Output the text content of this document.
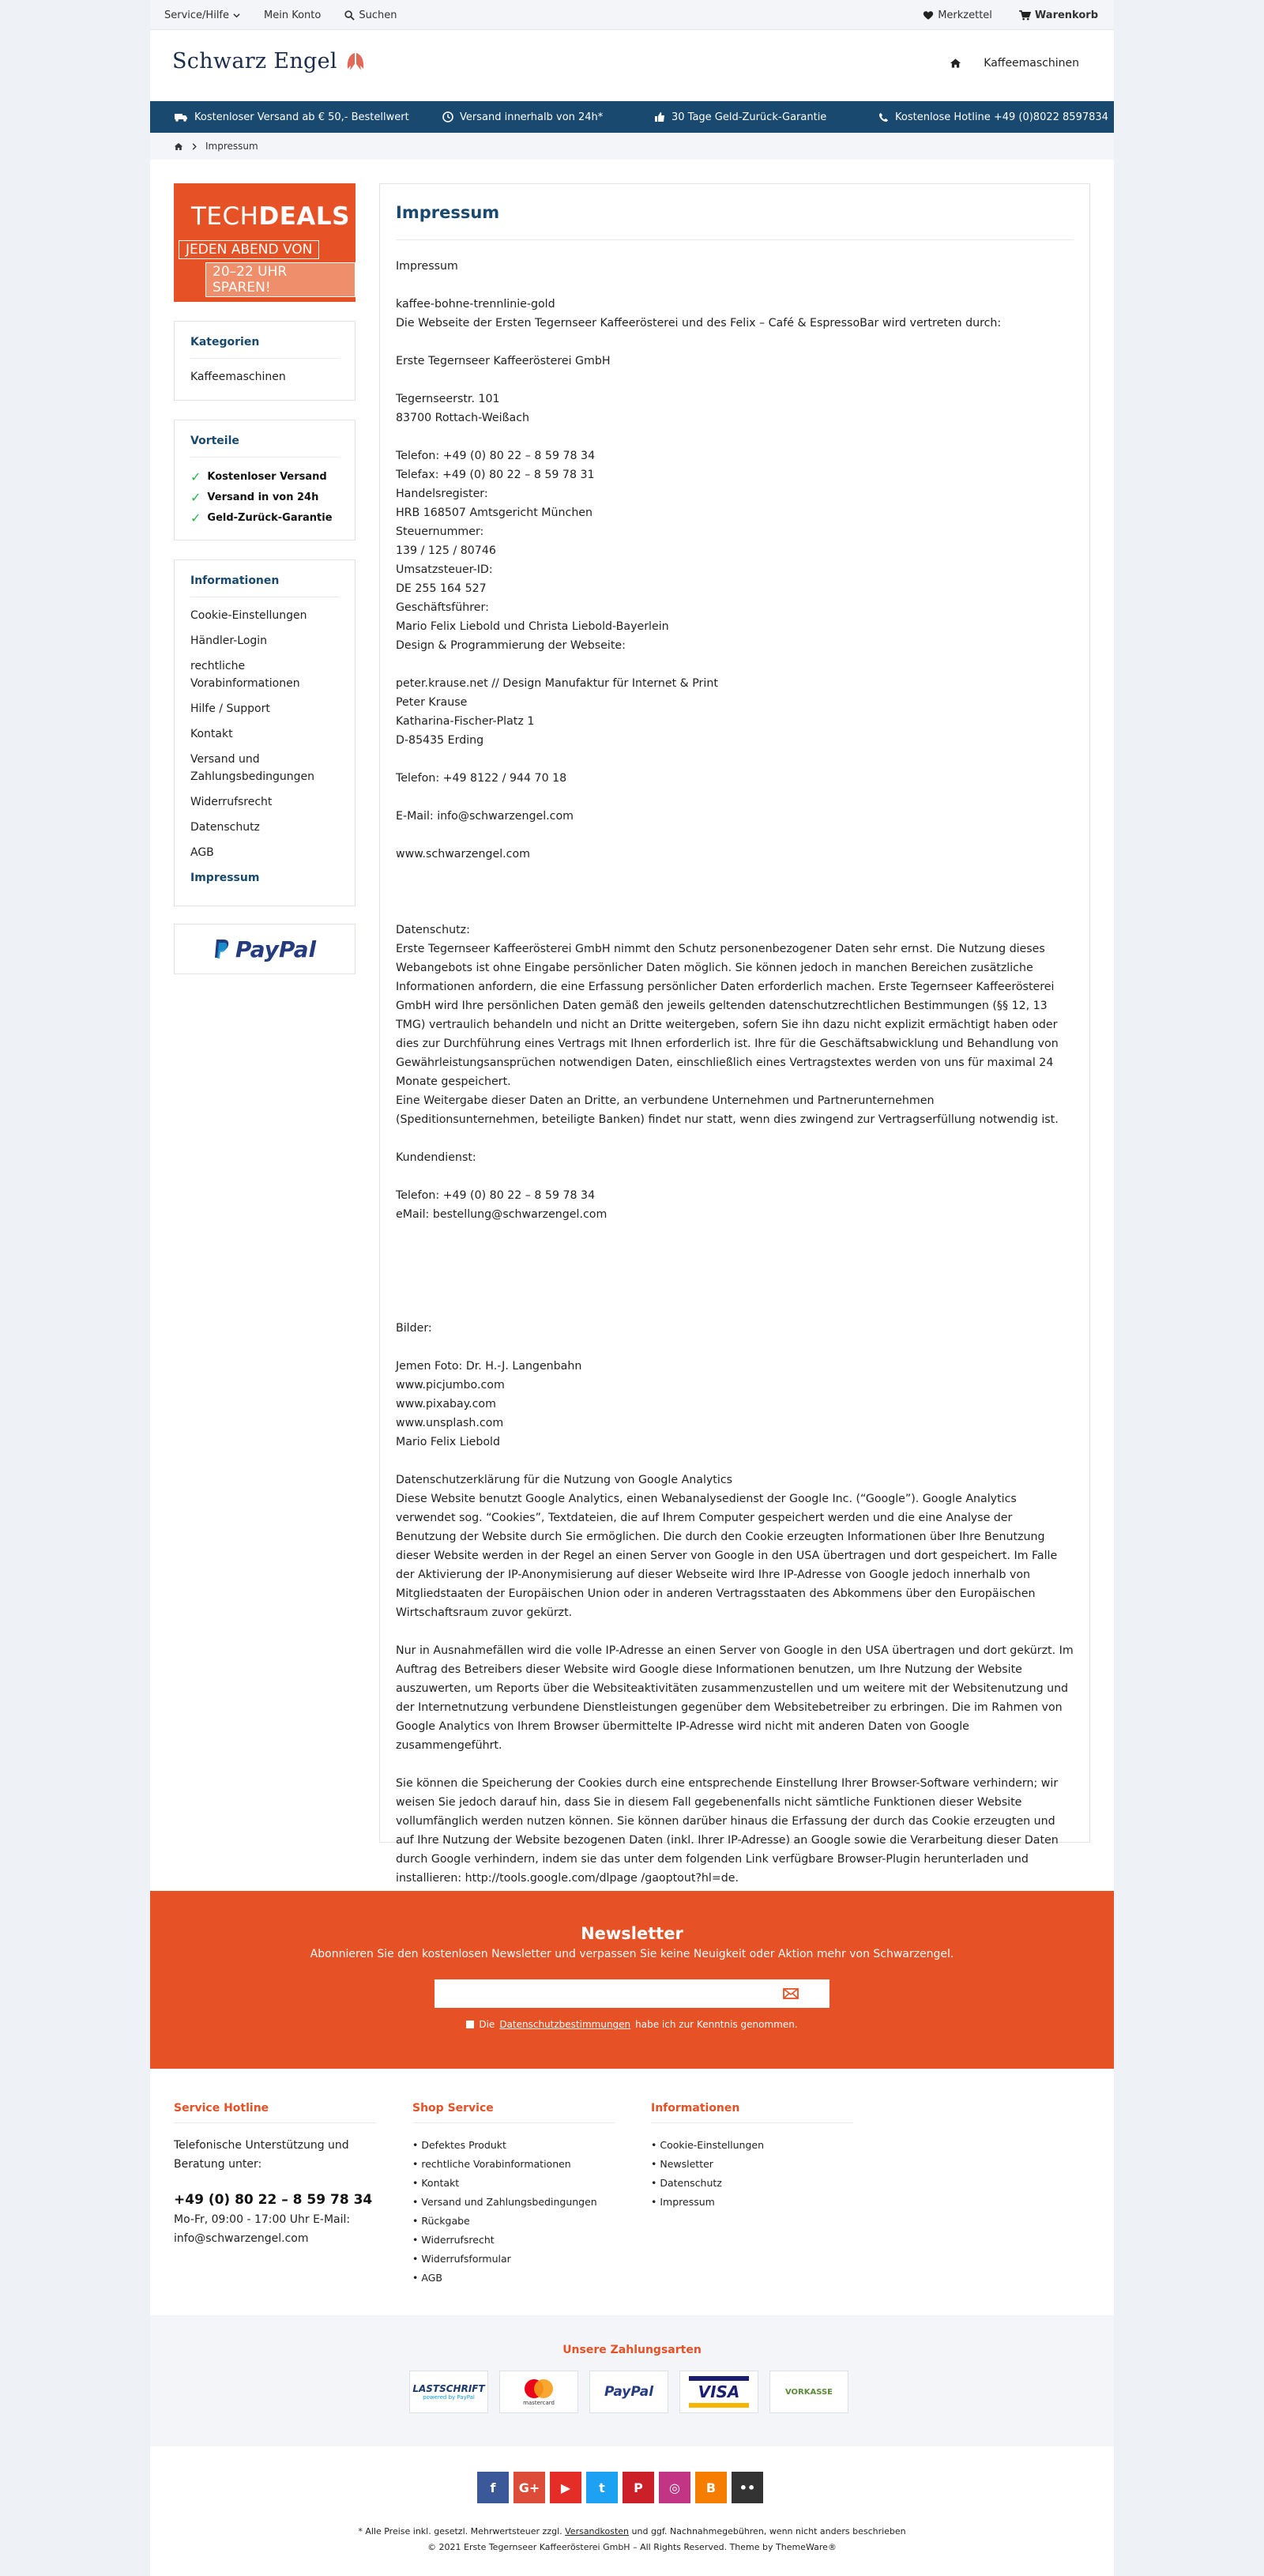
Service/Hilfe	Mein Konto	Suchen	Merkzettel	Warenkorb
Schwarz Engel	Kaffeemaschinen
Kostenloser Versand ab € 50,- Bestellwert	Versand innerhalb von 24h*	30 Tage Geld-Zurück-Garantie	Kostenlose Hotline +49 (0)8022 8597834
Impressum
TECHDEALS
JEDEN ABEND VON
20–22 UHR SPAREN!
Kategorien
Kaffeemaschinen
Vorteile
✓ Kostenloser Versand
✓ Versand in von 24h
✓ Geld-Zurück-Garantie
Informationen
Cookie-Einstellungen
Händler-Login
rechtliche Vorabinformationen
Hilfe / Support
Kontakt
Versand und Zahlungsbedingungen
Widerrufsrecht
Datenschutz
AGB
Impressum
PayPal
Impressum

Impressum

kaffee-bohne-trennlinie-gold

Die Webseite der Ersten Tegernseer Kaffeerösterei und des Felix – Café & EspressoBar wird vertreten durch:

Erste Tegernseer Kaffeerösterei GmbH

Tegernseerstr. 101

83700 Rottach-Weißach

Telefon: +49 (0) 80 22 – 8 59 78 34

Telefax: +49 (0) 80 22 – 8 59 78 31

Handelsregister:

HRB 168507 Amtsgericht München

Steuernummer:

139 / 125 / 80746

Umsatzsteuer-ID:

DE 255 164 527

Geschäftsführer:

Mario Felix Liebold und Christa Liebold-Bayerlein

Design & Programmierung der Webseite:

peter.krause.net // Design Manufaktur für Internet & Print

Peter Krause

Katharina-Fischer-Platz 1

D-85435 Erding

Telefon: +49 8122 / 944 70 18

E-Mail: info@schwarzengel.com

www.schwarzengel.com

Datenschutz:

Erste Tegernseer Kaffeerösterei GmbH nimmt den Schutz personenbezogener Daten sehr ernst. Die Nutzung dieses Webangebots ist ohne Eingabe persönlicher Daten möglich. Sie können jedoch in manchen Bereichen zusätzliche Informationen anfordern, die eine Erfassung persönlicher Daten erforderlich machen. Erste Tegernseer Kaffeerösterei GmbH wird Ihre persönlichen Daten gemäß den jeweils geltenden datenschutzrechtlichen Bestimmungen (§§ 12, 13 TMG) vertraulich behandeln und nicht an Dritte weitergeben, sofern Sie ihn dazu nicht explizit ermächtigt haben oder dies zur Durchführung eines Vertrags mit Ihnen erforderlich ist. Ihre für die Geschäftsabwicklung und Behandlung von Gewährleistungsansprüchen notwendigen Daten, einschließlich eines Vertragstextes werden von uns für maximal 24 Monate gespeichert.

Eine Weitergabe dieser Daten an Dritte, an verbundene Unternehmen und Partnerunternehmen (Speditionsunternehmen, beteiligte Banken) findet nur statt, wenn dies zwingend zur Vertragserfüllung notwendig ist.

Kundendienst:

Telefon: +49 (0) 80 22 – 8 59 78 34

eMail: bestellung@schwarzengel.com

Bilder:

Jemen Foto: Dr. H.-J. Langenbahn

www.picjumbo.com

www.pixabay.com

www.unsplash.com

Mario Felix Liebold

Datenschutzerklärung für die Nutzung von Google Analytics

Diese Website benutzt Google Analytics, einen Webanalysedienst der Google Inc. (“Google”). Google Analytics verwendet sog. “Cookies”, Textdateien, die auf Ihrem Computer gespeichert werden und die eine Analyse der Benutzung der Website durch Sie ermöglichen. Die durch den Cookie erzeugten Informationen über Ihre Benutzung dieser Website werden in der Regel an einen Server von Google in den USA übertragen und dort gespeichert. Im Falle der Aktivierung der IP-Anonymisierung auf dieser Webseite wird Ihre IP-Adresse von Google jedoch innerhalb von Mitgliedstaaten der Europäischen Union oder in anderen Vertragsstaaten des Abkommens über den Europäischen Wirtschaftsraum zuvor gekürzt.

Nur in Ausnahmefällen wird die volle IP-Adresse an einen Server von Google in den USA übertragen und dort gekürzt. Im Auftrag des Betreibers dieser Website wird Google diese Informationen benutzen, um Ihre Nutzung der Website auszuwerten, um Reports über die Websiteaktivitäten zusammenzustellen und um weitere mit der Websitenutzung und der Internetnutzung verbundene Dienstleistungen gegenüber dem Websitebetreiber zu erbringen. Die im Rahmen von Google Analytics von Ihrem Browser übermittelte IP-Adresse wird nicht mit anderen Daten von Google zusammengeführt.

Sie können die Speicherung der Cookies durch eine entsprechende Einstellung Ihrer Browser-Software verhindern; wir weisen Sie jedoch darauf hin, dass Sie in diesem Fall gegebenenfalls nicht sämtliche Funktionen dieser Website vollumfänglich werden nutzen können. Sie können darüber hinaus die Erfassung der durch das Cookie erzeugten und auf Ihre Nutzung der Website bezogenen Daten (inkl. Ihrer IP-Adresse) an Google sowie die Verarbeitung dieser Daten durch Google verhindern, indem sie das unter dem folgenden Link verfügbare Browser-Plugin herunterladen und installieren: http://tools.google.com/dlpage /gaoptout?hl=de.

Newsletter
Abonnieren Sie den kostenlosen Newsletter und verpassen Sie keine Neuigkeit oder Aktion mehr von Schwarzengel.
Die Datenschutzbestimmungen habe ich zur Kenntnis genommen.
Service Hotline
Telefonische Unterstützung und Beratung unter:
+49 (0) 80 22 – 8 59 78 34
Mo-Fr, 09:00 - 17:00 Uhr E-Mail: info@schwarzengel.com
Shop Service
• Defektes Produkt
• rechtliche Vorabinformationen
• Kontakt
• Versand und Zahlungsbedingungen
• Rückgabe
• Widerrufsrecht
• Widerrufsformular
• AGB
Informationen
• Cookie-Einstellungen
• Newsletter
• Datenschutz
• Impressum
Unsere Zahlungsarten
LASTSCHRIFT
powered by PayPal
mastercard
PayPal	VISA	VORKASSE
f	G+	▶	t	P	◎	B	••
* Alle Preise inkl. gesetzl. Mehrwertsteuer zzgl. Versandkosten und ggf. Nachnahmegebühren, wenn nicht anders beschrieben
© 2021 Erste Tegernseer Kaffeerösterei GmbH – All Rights Reserved. Theme by ThemeWare®
